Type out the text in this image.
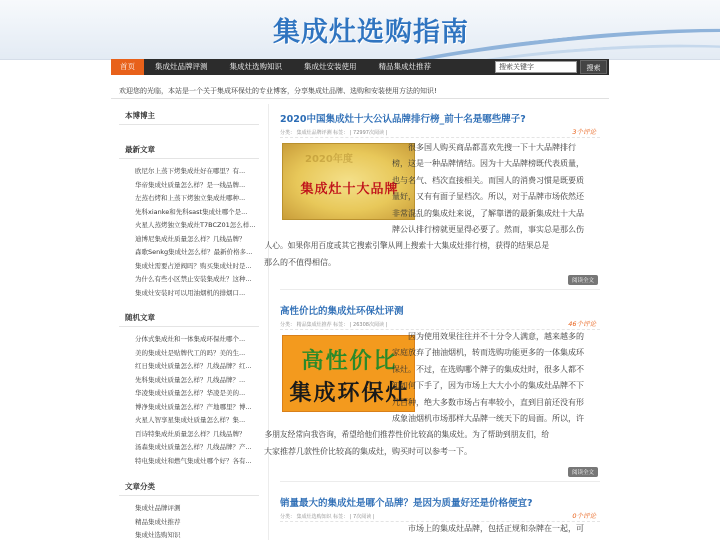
集成灶选购指南
首页	集成灶品牌评测	集成灶选购知识	集成灶安装使用	精品集成灶推荐	搜索关键字	搜索
欢迎您的光临，本站是一个关于集成环保灶的专业博客，分享集成灶品牌、选购和安装使用方法的知识!
本博博主
最新文章
· 欧尼尔上蒸下烤集成灶好在哪里？有...
· 华帝集成灶质量怎么样？是一线品牌...
· 左蒸右烤和上蒸下烤独立集成灶哪种...
· 先科xianke和先科sast集成灶哪个是...
· 火星人蒸烤独立集成灶T7BCZ01怎么样...
· 迪博尼集成灶质量怎么样？几线品牌？
· 森歌Senkg集成灶怎么样？最新价格多...
· 集成灶需要占逆阀吗？购买集成灶时是...
· 为什么有些小区禁止安装集成灶？这种...
· 集成灶安装时可以用油烟机的排烟口...
随机文章
· 分体式集成灶和一体集成环保灶哪个...
· 美的集成灶是贴牌代工的吗？美的生...
· 红日集成灶质量怎么样？几线品牌？红...
· 先科集成灶质量怎么样？几线品牌？...
· 华凌集成灶质量怎么样？华凌是美的...
· 博净集成灶质量怎么样？产地哪里？博...
· 火星人智享星集成灶质量怎么样？集...
· 百诗特集成灶质量怎么样？几线品牌？
· 汤森集成灶质量怎么样？几线品牌？产...
· 特电集成灶和燃气集成灶哪个好？各有...
文章分类
· 集成灶品牌评测
· 精品集成灶推荐
· 集成灶选购知识
2020中国集成灶十大公认品牌排行榜_前十名是哪些牌子?
3个评论
分类： 集成灶品牌评测 标签： | 72997次阅读 |
2020年度
集成灶十大品牌
很多国人购买商品都喜欢先搜一下十大品牌排行
榜，这是一种品牌情结。因为十大品牌榜既代表质量，
也与名气、档次直接相关。而国人的消费习惯是既要质
量好，又有有面子显档次。所以，对于品牌市场依然还
非常混乱的集成灶来说，了解靠谱的最新集成灶十大品
牌公认排行榜就更显得必要了。然而，事实总是那么伤
人心。如果你用百度或其它搜索引擎从网上搜索十大集成灶排行榜，获得的结果总是
那么的不值得相信。
阅读全文
高性价比的集成灶环保灶评测
46个评论
分类： 精品集成灶推荐 标签： | 26308次阅读 |
高性价比
集成环保灶
因为使用效果往往并不十分令人满意，越来越多的
家庭放弃了抽油烟机，转而选购功能更多的一体集成环
保灶。不过，在选购哪个牌子的集成灶时，很多人都不
知如何下手了，因为市场上大大小小的集成灶品牌不下
几百种，绝大多数市场占有率较小，直到目前还没有形
成象油烟机市场那样大品牌一统天下的局面。所以，许
多朋友经常向我咨询，希望给他们推荐性价比较高的集成灶。为了帮助到朋友们，给
大家推荐几款性价比较高的集成灶，购买时可以参考一下。
阅读全文
销量最大的集成灶是哪个品牌？是因为质量好还是价格便宜?
0个评论
分类： 集成灶选购知识 标签： | 7次阅读 |
市场上的集成灶品牌，包括正规和杂牌在一起，可
